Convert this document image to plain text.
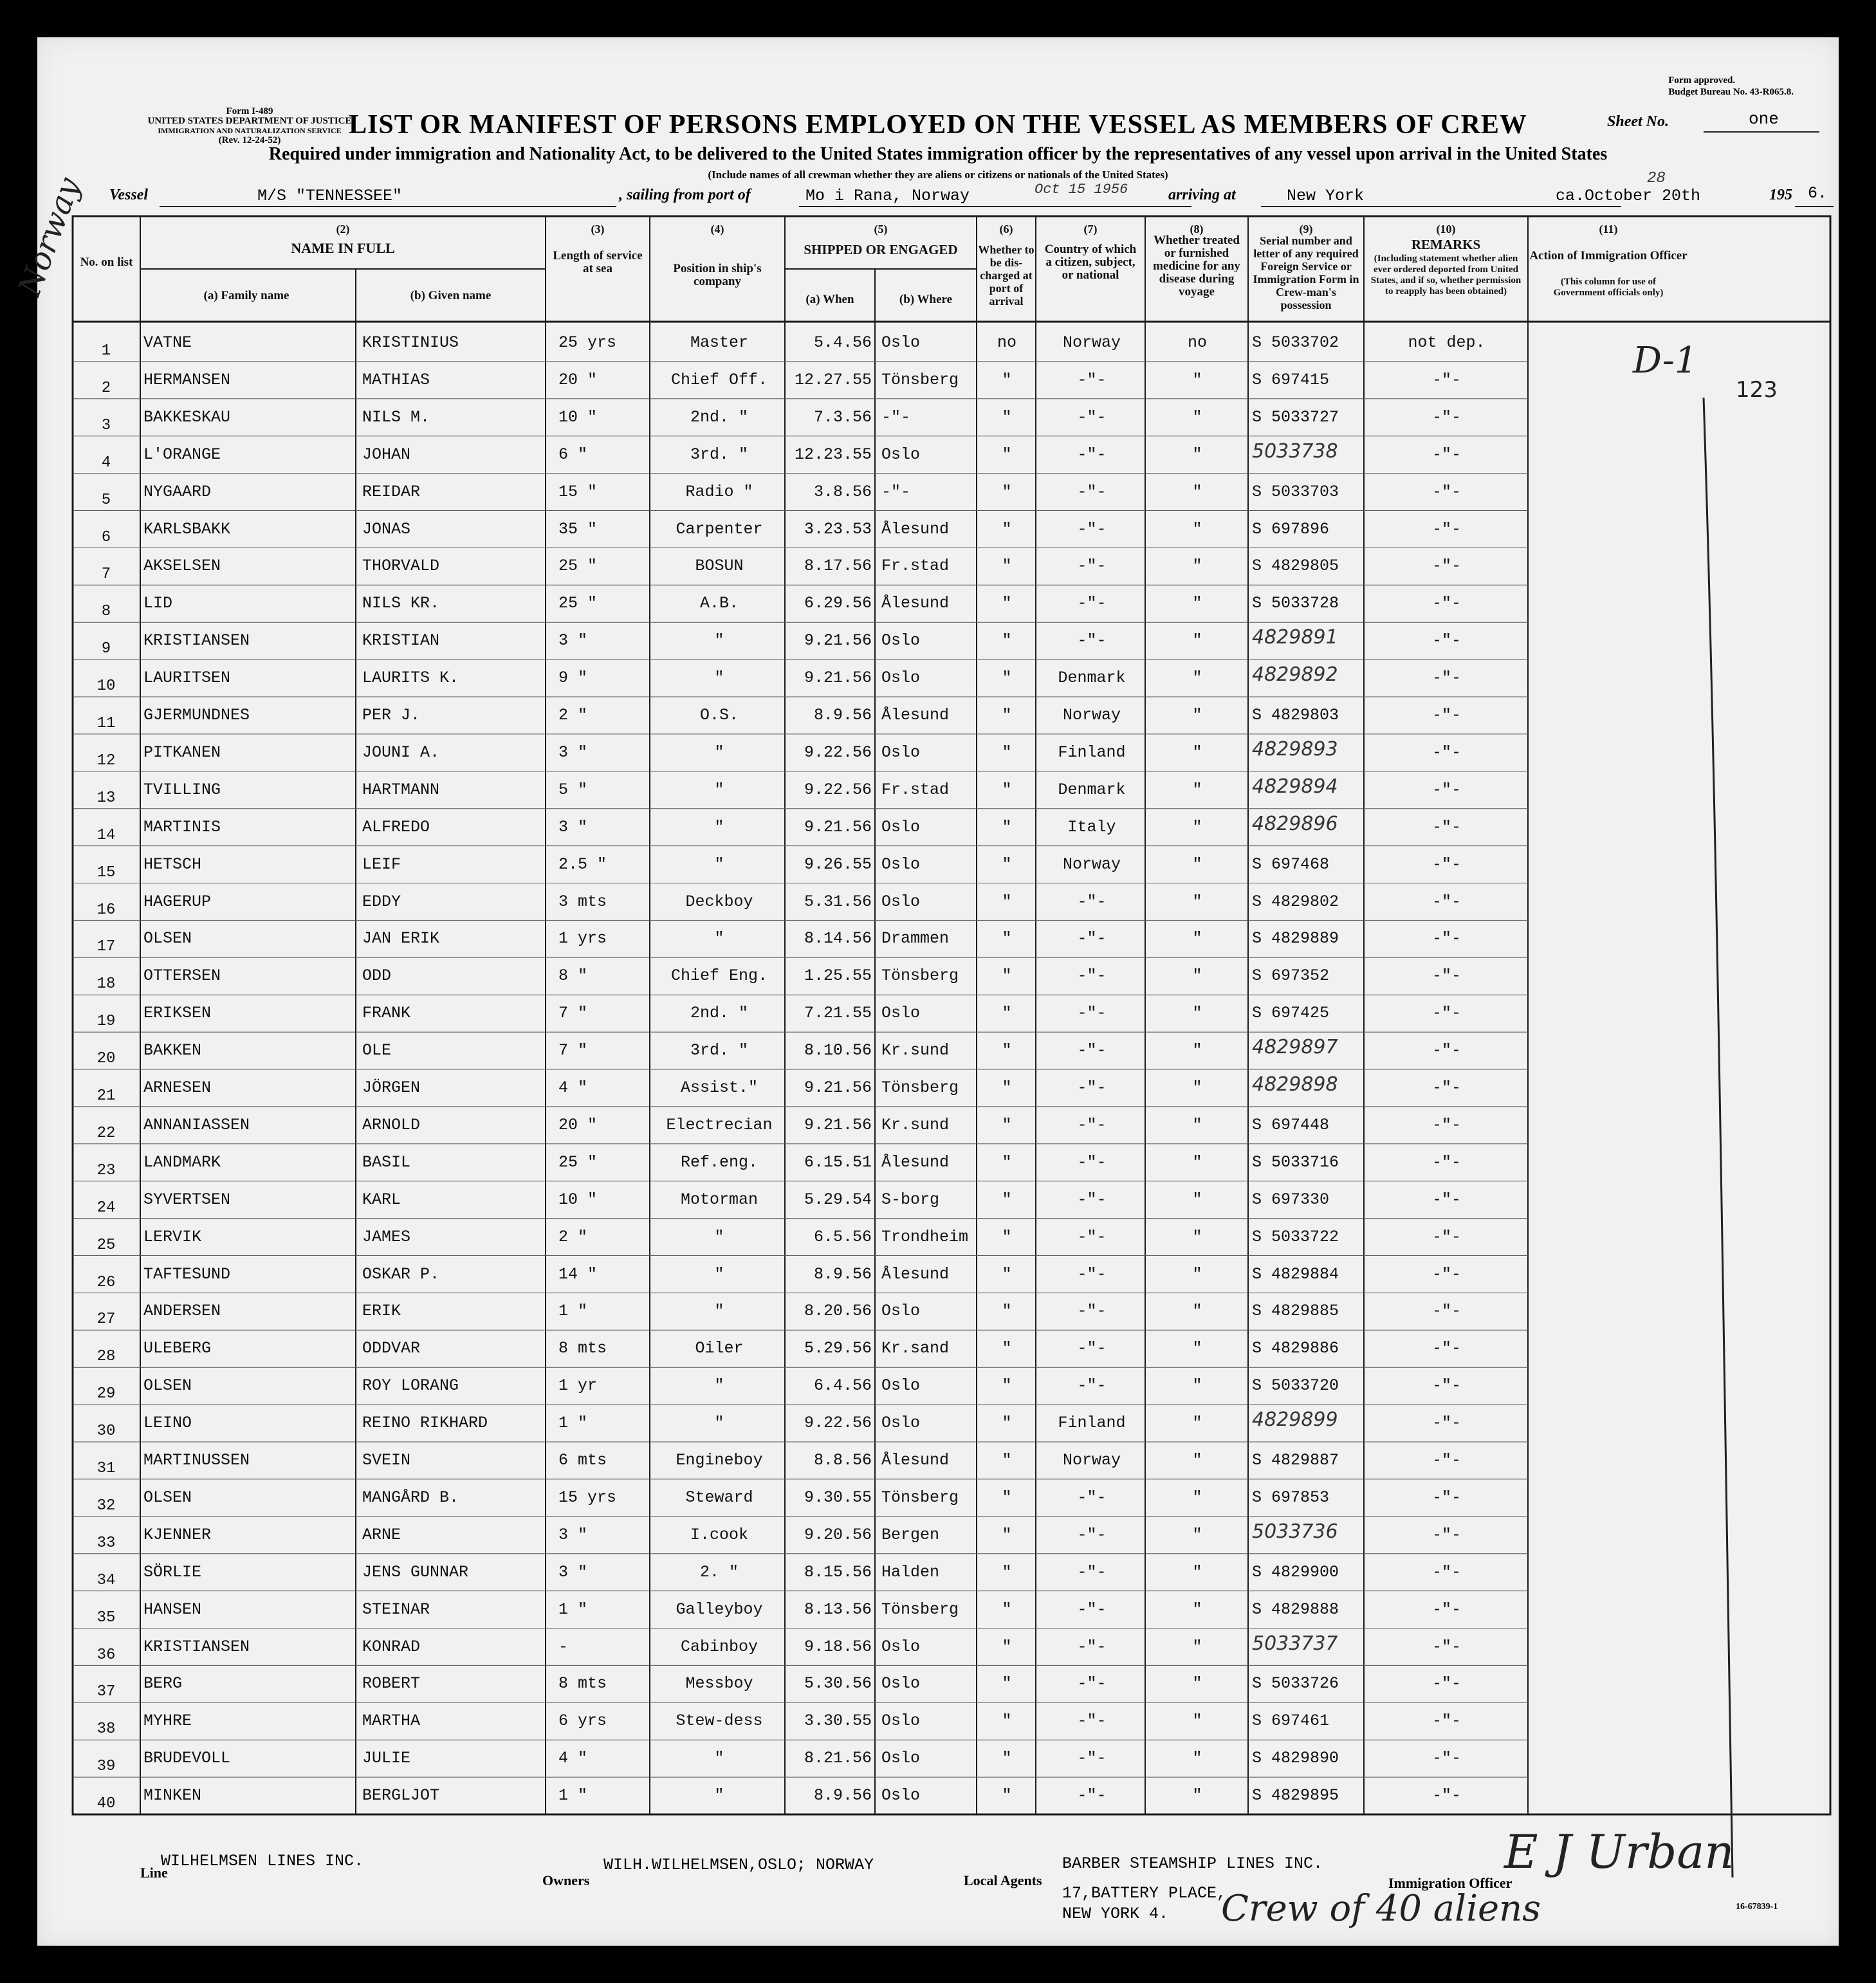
Form I-489
UNITED STATES DEPARTMENT OF JUSTICE
IMMIGRATION AND NATURALIZATION SERVICE
(Rev. 12-24-52)
Form approved.
Budget Bureau No. 43-R065.8.
LIST OR MANIFEST OF PERSONS EMPLOYED ON THE VESSEL AS MEMBERS OF CREW	Sheet No.	one
Required under immigration and Nationality Act, to be delivered to the United States immigration officer by the representatives of any vessel upon arrival in the United States
(Include names of all crewman whether they are aliens or citizens or nationals of the United States)
Vessel	M/S "TENNESSEE"	, sailing from port of	Mo i Rana, Norway	Oct 15 1956	arriving at	New York	ca.October 20th
28
195 6.
No. on list
(2)
NAME IN FULL
(a) Family name	(b) Given name
(3)
Length of service at sea
(4)
Position in ship's company
(5)
SHIPPED OR ENGAGED
(a) When	(b) Where
(6)
Whether to be dis-charged at port of arrival
(7)
Country of which a citizen, subject, or national
(8)
Whether treated or furnished medicine for any disease during voyage
(9)
Serial number and letter of any required Foreign Service or Immigration Form in Crew-man's possession
(10)
REMARKS
(Including statement whether alien ever ordered deported from United States, and if so, whether permission to reapply has been obtained)
(11)
Action of Immigration Officer
(This column for use of Government officials only)
1	VATNE	KRISTINIUS	25 yrs	Master	5.4.56 Oslo	no	Norway	no	S 5033702	not dep.
2	HERMANSEN	MATHIAS	20 "	Chief Off.	12.27.55 Tönsberg	"	-"-	"	S 697415	-"-
3	BAKKESKAU	NILS M.	10 "	2nd. "	7.3.56 -"-	"	-"-	"	S 5033727	-"-
4	L'ORANGE	JOHAN	6 "	3rd. "	12.23.55 Oslo	"	-"-	"	5033738	-"-
5	NYGAARD	REIDAR	15 "	Radio "	3.8.56 -"-	"	-"-	"	S 5033703	-"-
6	KARLSBAKK	JONAS	35 "	Carpenter	3.23.53 Ålesund	"	-"-	"	S 697896	-"-
7	AKSELSEN	THORVALD	25 "	BOSUN	8.17.56 Fr.stad	"	-"-	"	S 4829805	-"-
8	LID	NILS KR.	25 "	A.B.	6.29.56 Ålesund	"	-"-	"	S 5033728	-"-
9	KRISTIANSEN	KRISTIAN	3 "	"	9.21.56 Oslo	"	-"-	"	4829891	-"-
10	LAURITSEN	LAURITS K.	9 "	"	9.21.56 Oslo	"	Denmark	"	4829892	-"-
11	GJERMUNDNES	PER J.	2 "	O.S.	8.9.56 Ålesund	"	Norway	"	S 4829803	-"-
12	PITKANEN	JOUNI A.	3 "	"	9.22.56 Oslo	"	Finland	"	4829893	-"-
13	TVILLING	HARTMANN	5 "	"	9.22.56 Fr.stad	"	Denmark	"	4829894	-"-
14	MARTINIS	ALFREDO	3 "	"	9.21.56 Oslo	"	Italy	"	4829896	-"-
15	HETSCH	LEIF	2.5 "	"	9.26.55 Oslo	"	Norway	"	S 697468	-"-
16	HAGERUP	EDDY	3 mts	Deckboy	5.31.56 Oslo	"	-"-	"	S 4829802	-"-
17	OLSEN	JAN ERIK	1 yrs	"	8.14.56 Drammen	"	-"-	"	S 4829889	-"-
18	OTTERSEN	ODD	8 "	Chief Eng.	1.25.55 Tönsberg	"	-"-	"	S 697352	-"-
19	ERIKSEN	FRANK	7 "	2nd. "	7.21.55 Oslo	"	-"-	"	S 697425	-"-
20	BAKKEN	OLE	7 "	3rd. "	8.10.56 Kr.sund	"	-"-	"	4829897	-"-
21	ARNESEN	JÖRGEN	4 "	Assist."	9.21.56 Tönsberg	"	-"-	"	4829898	-"-
22	ANNANIASSEN	ARNOLD	20 "	Electrecian	9.21.56 Kr.sund	"	-"-	"	S 697448	-"-
23	LANDMARK	BASIL	25 "	Ref.eng.	6.15.51 Ålesund	"	-"-	"	S 5033716	-"-
24	SYVERTSEN	KARL	10 "	Motorman	5.29.54 S-borg	"	-"-	"	S 697330	-"-
25	LERVIK	JAMES	2 "	"	6.5.56 Trondheim	"	-"-	"	S 5033722	-"-
26	TAFTESUND	OSKAR P.	14 "	"	8.9.56 Ålesund	"	-"-	"	S 4829884	-"-
27	ANDERSEN	ERIK	1 "	"	8.20.56 Oslo	"	-"-	"	S 4829885	-"-
28	ULEBERG	ODDVAR	8 mts	Oiler	5.29.56 Kr.sand	"	-"-	"	S 4829886	-"-
29	OLSEN	ROY LORANG	1 yr	"	6.4.56 Oslo	"	-"-	"	S 5033720	-"-
30	LEINO	REINO RIKHARD	1 "	"	9.22.56 Oslo	"	Finland	"	4829899	-"-
31	MARTINUSSEN	SVEIN	6 mts	Engineboy	8.8.56 Ålesund	"	Norway	"	S 4829887	-"-
32	OLSEN	MANGÅRD B.	15 yrs	Steward	9.30.55 Tönsberg	"	-"-	"	S 697853	-"-
33	KJENNER	ARNE	3 "	I.cook	9.20.56 Bergen	"	-"-	"	5033736	-"-
34	SÖRLIE	JENS GUNNAR	3 "	2. "	8.15.56 Halden	"	-"-	"	S 4829900	-"-
35	HANSEN	STEINAR	1 "	Galleyboy	8.13.56 Tönsberg	"	-"-	"	S 4829888	-"-
36	KRISTIANSEN	KONRAD	-	Cabinboy	9.18.56 Oslo	"	-"-	"	5033737	-"-
37	BERG	ROBERT	8 mts	Messboy	5.30.56 Oslo	"	-"-	"	S 5033726	-"-
38	MYHRE	MARTHA	6 yrs	Stew-dess	3.30.55 Oslo	"	-"-	"	S 697461	-"-
39	BRUDEVOLL	JULIE	4 "	"	8.21.56 Oslo	"	-"-	"	S 4829890	-"-
40	MINKEN	BERGLJOT	1 "	"	8.9.56 Oslo	"	-"-	"	S 4829895	-"-
D-1
123
Norway
Line
WILHELMSEN LINES INC.
Owners
WILH.WILHELMSEN,OSLO; NORWAY
Local Agents
BARBER STEAMSHIP LINES INC.
17,BATTERY PLACE,
NEW YORK 4.
Immigration Officer
16-67839-1
Crew of 40 aliens
E J Urban
